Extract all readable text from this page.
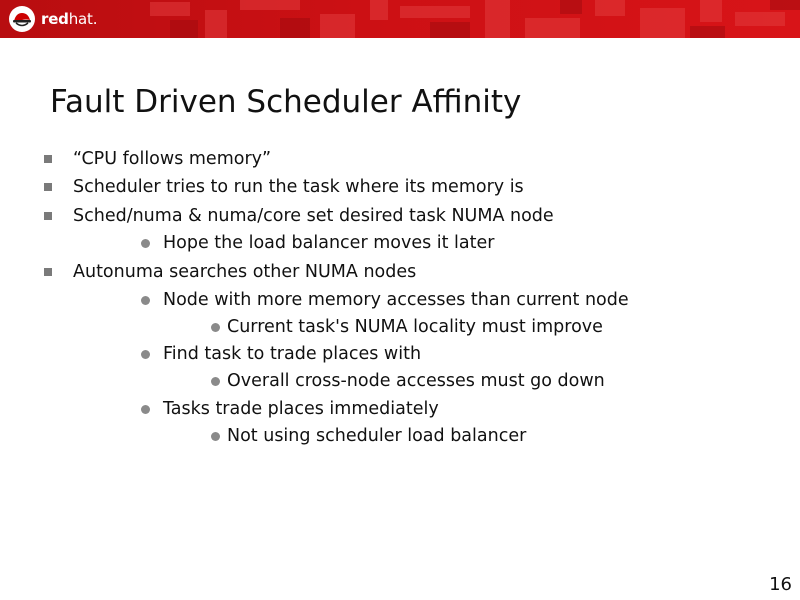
redhat.
Fault Driven Scheduler Affinity
“CPU follows memory”
Scheduler tries to run the task where its memory is
Sched/numa & numa/core set desired task NUMA node
Hope the load balancer moves it later
Autonuma searches other NUMA nodes
Node with more memory accesses than current node
Current task's NUMA locality must improve
Find task to trade places with
Overall cross-node accesses must go down
Tasks trade places immediately
Not using scheduler load balancer
16
